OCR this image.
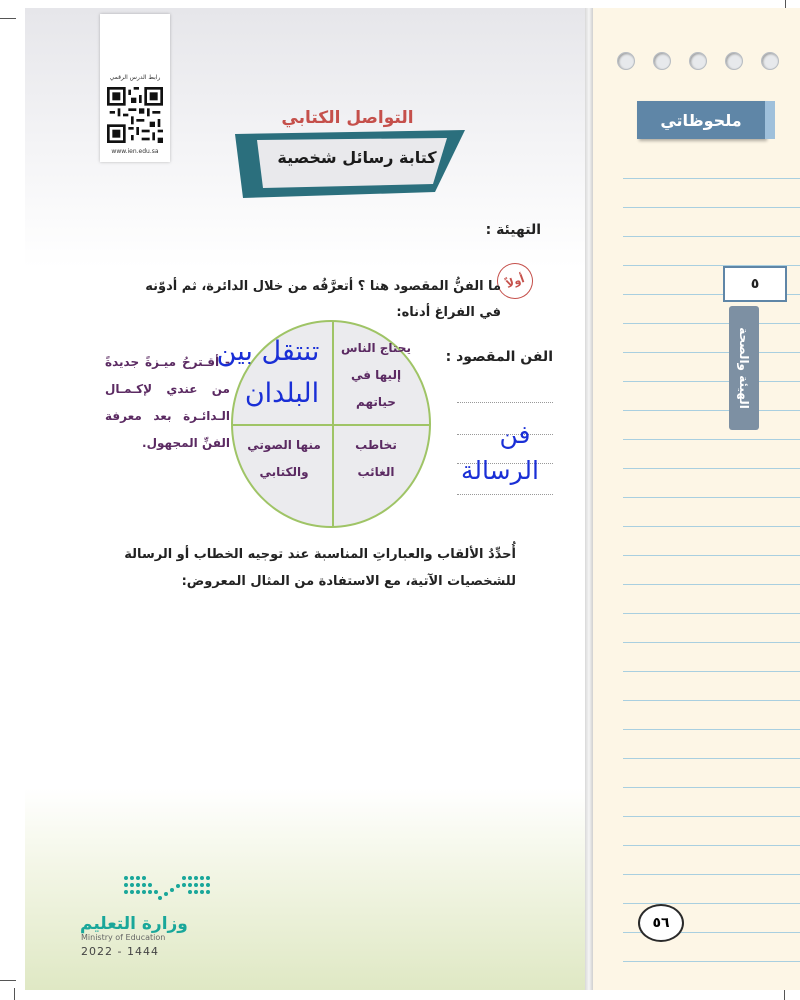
رابط الدرس الرقمي
www.ien.edu.sa
التواصل الكتابي
كتابة رسائل شخصية
التهيئة :
أولاً
ما الفنُّ المقصود هنا ؟ أتعرَّفُه من خلال الدائرة، ثم أدوّنه في الفراغ أدناه:
الفن المقصود :
فن
الرسالة
يحتاج الناس
إليها في
حياتهم
تخاطب
الغائب
منها الصوتي
والكتابي
تنتقل بين
البلدان
- أقـترحُ ميـزةً جديدةً من عندي لإكـمـال الـدائـرة بعد معرفة الفنِّ المجهول.
أُحدِّدُ الألقاب والعباراتِ المناسبة عند توجيه الخطاب أو الرسالة للشخصيات الآتية، مع الاستفادة من المثال المعروض:
وزارة التعليم
Ministry of Education
2022 - 1444
ملحوظاتي
٥
الهيئة والصحة
٥٦
